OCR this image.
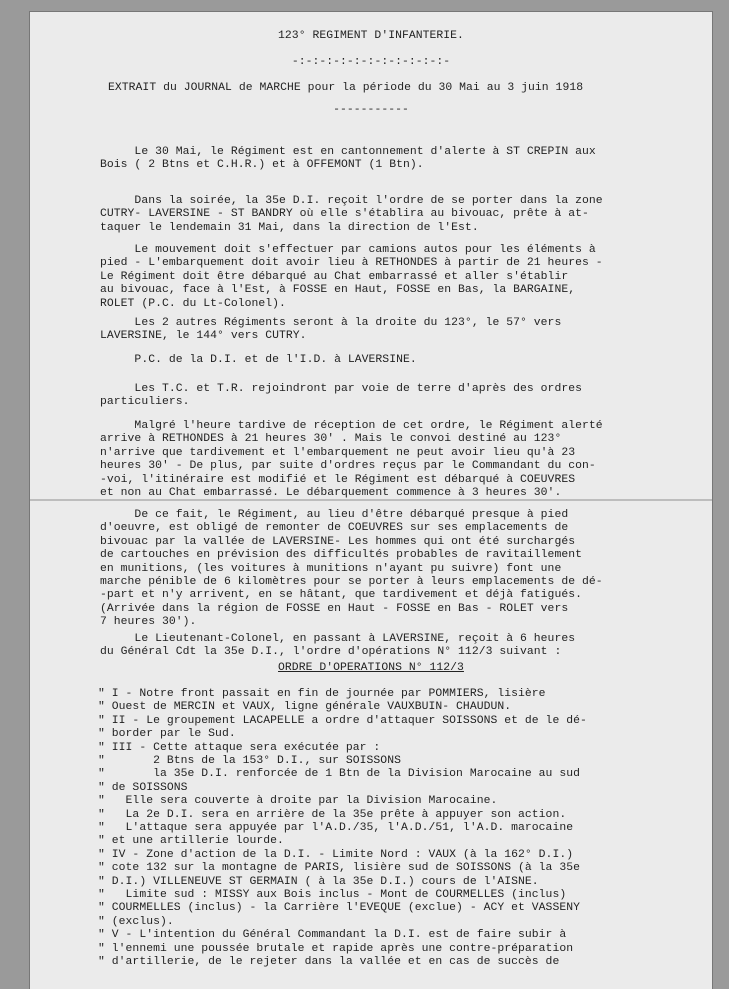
123° REGIMENT D'INFANTERIE.
-:-:-:-:-:-:-:-:-:-:-:-
EXTRAIT du JOURNAL de MARCHE pour la période du 30 Mai au 3 juin 1918
-----------
Le 30 Mai, le Régiment est en cantonnement d'alerte à ST CREPIN aux
Bois ( 2 Btns et C.H.R.) et à OFFEMONT (1 Btn).
Dans la soirée, la 35e D.I. reçoit l'ordre de se porter dans la zone
CUTRY- LAVERSINE - ST BANDRY où elle s'établira au bivouac, prête à at-
taquer le lendemain 31 Mai, dans la direction de l'Est.
Le mouvement doit s'effectuer par camions autos pour les éléments à
pied - L'embarquement doit avoir lieu à RETHONDES à partir de 21 heures -
Le Régiment doit être débarqué au Chat embarrassé et aller s'établir
au bivouac, face à l'Est, à FOSSE en Haut, FOSSE en Bas, la BARGAINE,
ROLET (P.C. du Lt-Colonel).
Les 2 autres Régiments seront à la droite du 123°, le 57° vers
LAVERSINE, le 144° vers CUTRY.
P.C. de la D.I. et de l'I.D. à LAVERSINE.
Les T.C. et T.R. rejoindront par voie de terre d'après des ordres
particuliers.
Malgré l'heure tardive de réception de cet ordre, le Régiment alerté
arrive à RETHONDES à 21 heures 30' . Mais le convoi destiné au 123°
n'arrive que tardivement et l'embarquement ne peut avoir lieu qu'à 23
heures 30' - De plus, par suite d'ordres reçus par le Commandant du con-
-voi, l'itinéraire est modifié et le Régiment est débarqué à COEUVRES
et non au Chat embarrassé. Le débarquement commence à 3 heures 30'.
De ce fait, le Régiment, au lieu d'être débarqué presque à pied
d'oeuvre, est obligé de remonter de COEUVRES sur ses emplacements de
bivouac par la vallée de LAVERSINE- Les hommes qui ont été surchargés
de cartouches en prévision des difficultés probables de ravitaillement
en munitions, (les voitures à munitions n'ayant pu suivre) font une
marche pénible de 6 kilomètres pour se porter à leurs emplacements de dé-
-part et n'y arrivent, en se hâtant, que tardivement et déjà fatigués.
(Arrivée dans la région de FOSSE en Haut - FOSSE en Bas - ROLET vers
7 heures 30').
Le Lieutenant-Colonel, en passant à LAVERSINE, reçoit à 6 heures
du Général Cdt la 35e D.I., l'ordre d'opérations N° 112/3 suivant :
ORDRE D'OPERATIONS N° 112/3
" I - Notre front passait en fin de journée par POMMIERS, lisière
" Ouest de MERCIN et VAUX, ligne générale VAUXBUIN- CHAUDUN.
" II - Le groupement LACAPELLE a ordre d'attaquer SOISSONS et de le dé-
" border par le Sud.
" III - Cette attaque sera exécutée par :
"       2 Btns de la 153° D.I., sur SOISSONS
"       la 35e D.I. renforcée de 1 Btn de la Division Marocaine au sud
" de SOISSONS
"   Elle sera couverte à droite par la Division Marocaine.
"   La 2e D.I. sera en arrière de la 35e prête à appuyer son action.
"   L'attaque sera appuyée par l'A.D./35, l'A.D./51, l'A.D. marocaine
" et une artillerie lourde.
" IV - Zone d'action de la D.I. - Limite Nord : VAUX (à la 162° D.I.)
" cote 132 sur la montagne de PARIS, lisière sud de SOISSONS (à la 35e
" D.I.) VILLENEUVE ST GERMAIN ( à la 35e D.I.) cours de l'AISNE.
"   Limite sud : MISSY aux Bois inclus - Mont de COURMELLES (inclus)
" COURMELLES (inclus) - la Carrière l'EVEQUE (exclue) - ACY et VASSENY
" (exclus).
" V - L'intention du Général Commandant la D.I. est de faire subir à
" l'ennemi une poussée brutale et rapide après une contre-préparation
" d'artillerie, de le rejeter dans la vallée et en cas de succès de
